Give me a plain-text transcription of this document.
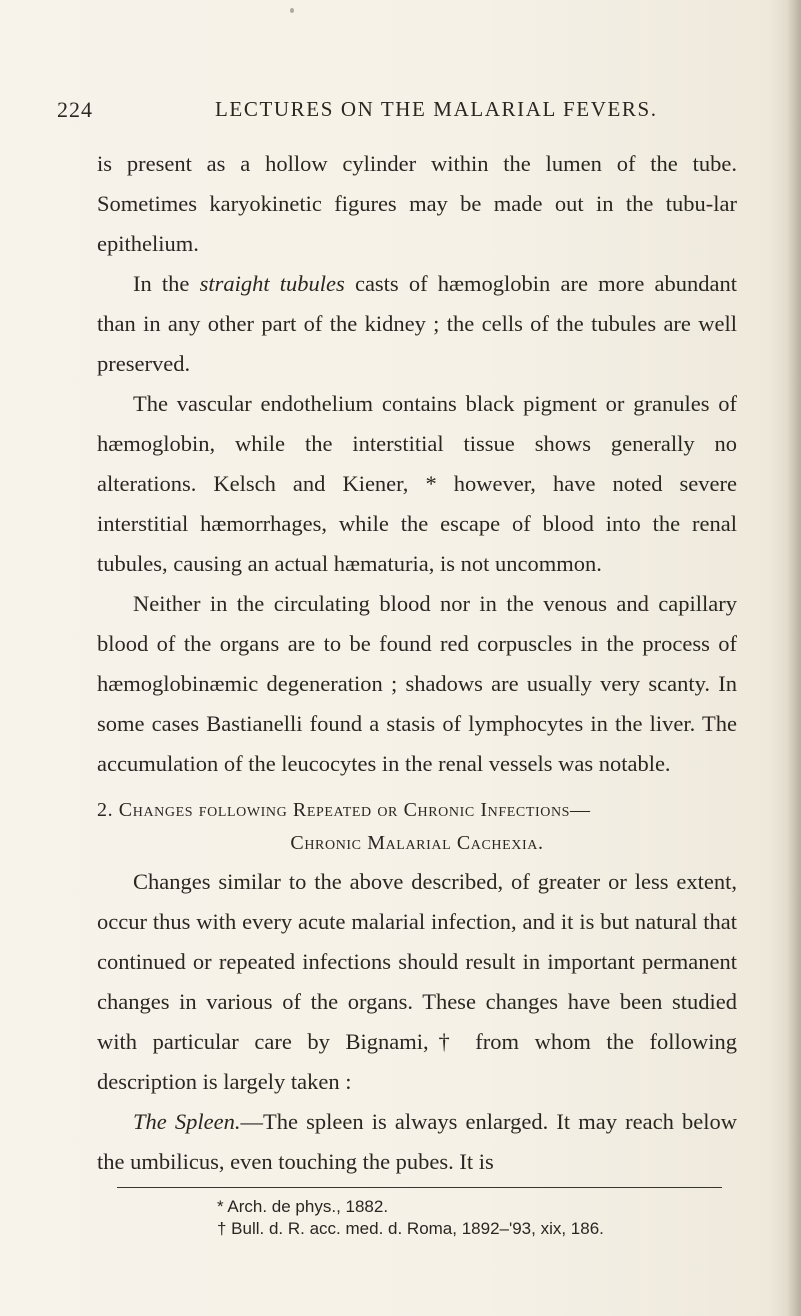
224	LECTURES ON THE MALARIAL FEVERS.

is present as a hollow cylinder within the lumen of the tube. Sometimes karyokinetic figures may be made out in the tubu-lar epithelium.

In the straight tubules casts of hæmoglobin are more abundant than in any other part of the kidney ; the cells of the tubules are well preserved.

The vascular endothelium contains black pigment or granules of hæmoglobin, while the interstitial tissue shows generally no alterations. Kelsch and Kiener, * however, have noted severe interstitial hæmorrhages, while the escape of blood into the renal tubules, causing an actual hæmaturia, is not uncommon.

Neither in the circulating blood nor in the venous and capillary blood of the organs are to be found red corpuscles in the process of hæmoglobinæmic degeneration ; shadows are usually very scanty. In some cases Bastianelli found a stasis of lymphocytes in the liver. The accumulation of the leucocytes in the renal vessels was notable.

2. Changes following Repeated or Chronic Infections—
Chronic Malarial Cachexia.

Changes similar to the above described, of greater or less extent, occur thus with every acute malarial infection, and it is but natural that continued or repeated infections should result in important permanent changes in various of the organs. These changes have been studied with particular care by Bignami,† from whom the following description is largely taken :

The Spleen.—The spleen is always enlarged. It may reach below the umbilicus, even touching the pubes. It is

* Arch. de phys., 1882.
† Bull. d. R. acc. med. d. Roma, 1892–'93, xix, 186.
